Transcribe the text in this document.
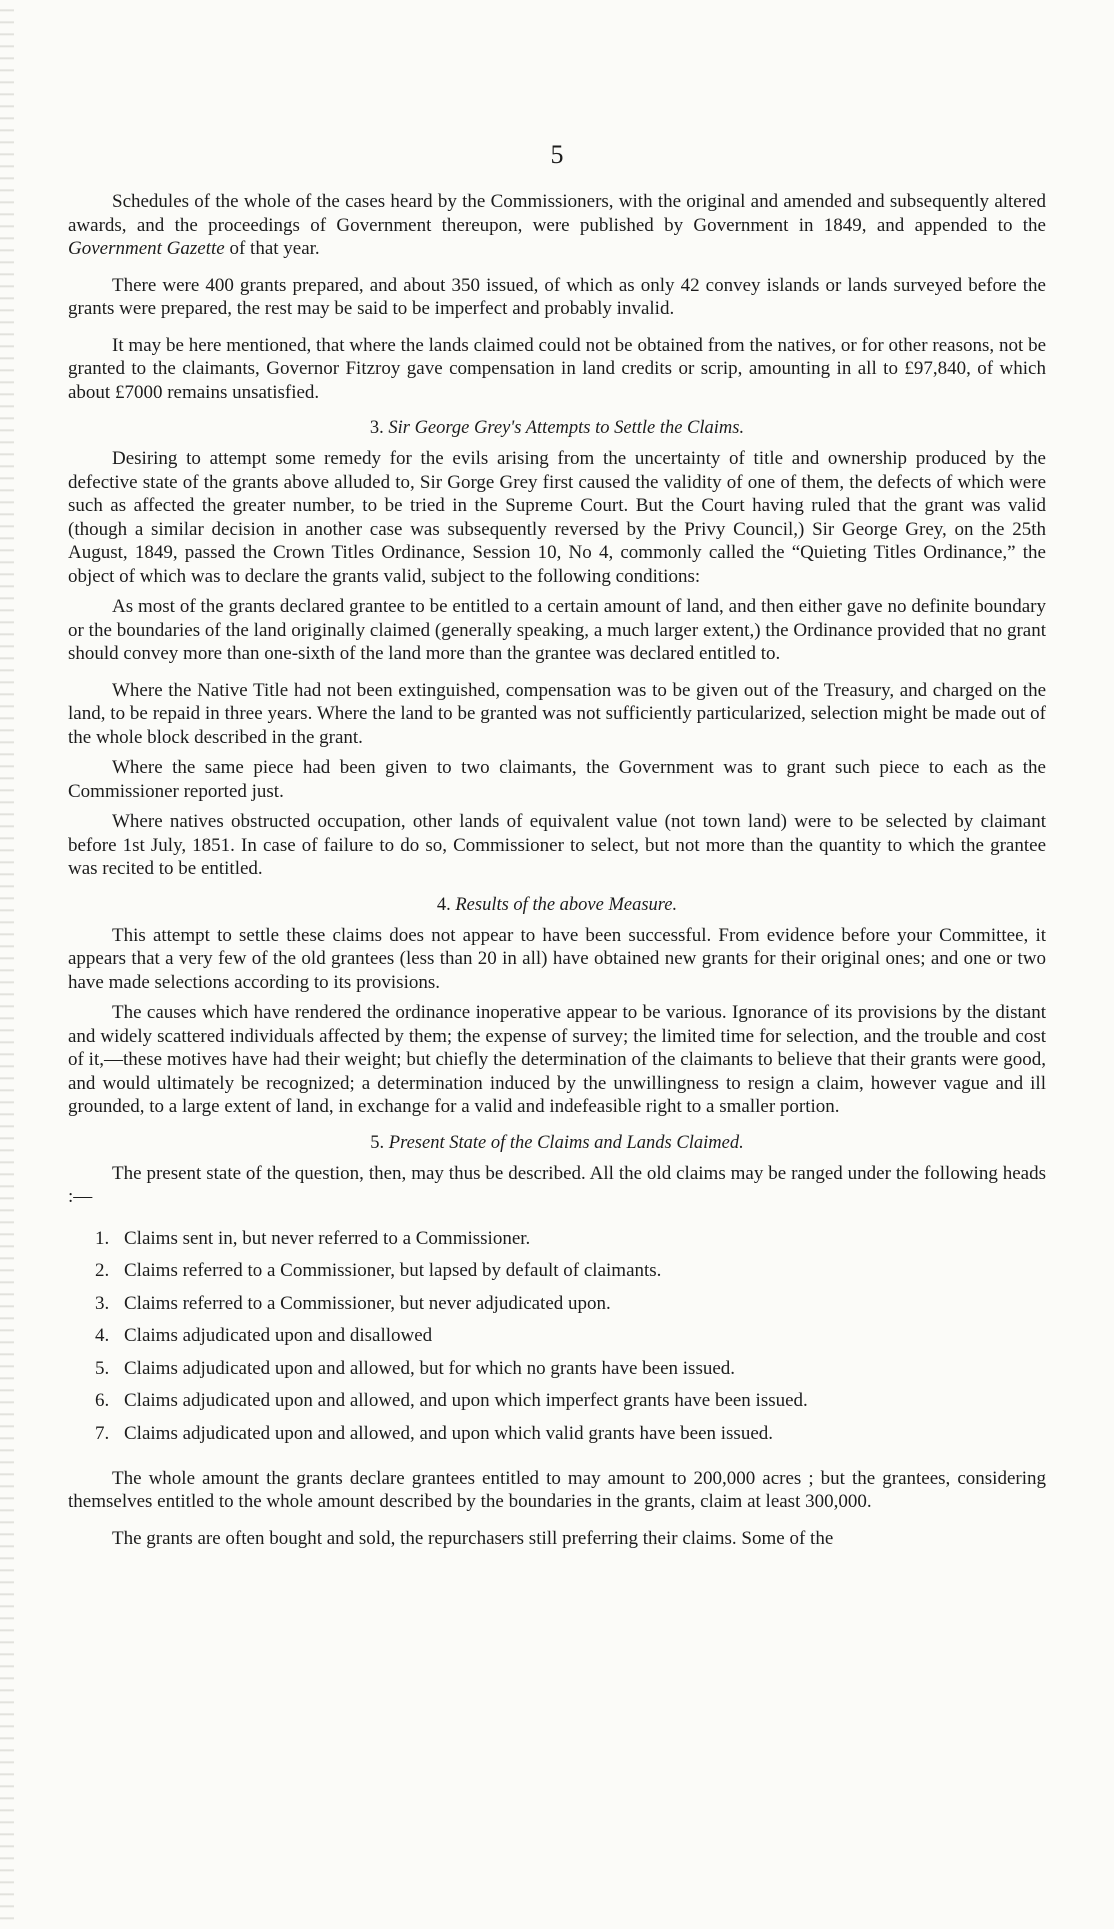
5

Schedules of the whole of the cases heard by the Commissioners, with the original and amended and subsequently altered awards, and the proceedings of Government thereupon, were published by Government in 1849, and appended to the Government Gazette of that year.

There were 400 grants prepared, and about 350 issued, of which as only 42 convey islands or lands surveyed before the grants were prepared, the rest may be said to be imperfect and probably invalid.

It may be here mentioned, that where the lands claimed could not be obtained from the natives, or for other reasons, not be granted to the claimants, Governor Fitzroy gave compensation in land credits or scrip, amounting in all to £97,840, of which about £7000 remains unsatisfied.

3. Sir George Grey's Attempts to Settle the Claims.

Desiring to attempt some remedy for the evils arising from the uncertainty of title and ownership produced by the defective state of the grants above alluded to, Sir Gorge Grey first caused the validity of one of them, the defects of which were such as affected the greater number, to be tried in the Supreme Court. But the Court having ruled that the grant was valid (though a similar decision in another case was subsequently reversed by the Privy Council,) Sir George Grey, on the 25th August, 1849, passed the Crown Titles Ordinance, Session 10, No 4, commonly called the “Quieting Titles Ordinance,” the object of which was to declare the grants valid, subject to the following conditions:

As most of the grants declared grantee to be entitled to a certain amount of land, and then either gave no definite boundary or the boundaries of the land originally claimed (generally speaking, a much larger extent,) the Ordinance provided that no grant should convey more than one-sixth of the land more than the grantee was declared entitled to.

Where the Native Title had not been extinguished, compensation was to be given out of the Treasury, and charged on the land, to be repaid in three years. Where the land to be granted was not sufficiently particularized, selection might be made out of the whole block described in the grant.

Where the same piece had been given to two claimants, the Government was to grant such piece to each as the Commissioner reported just.

Where natives obstructed occupation, other lands of equivalent value (not town land) were to be selected by claimant before 1st July, 1851. In case of failure to do so, Commissioner to select, but not more than the quantity to which the grantee was recited to be entitled.

4. Results of the above Measure.

This attempt to settle these claims does not appear to have been successful. From evidence before your Committee, it appears that a very few of the old grantees (less than 20 in all) have obtained new grants for their original ones; and one or two have made selections according to its provisions.

The causes which have rendered the ordinance inoperative appear to be various. Ignorance of its provisions by the distant and widely scattered individuals affected by them; the expense of survey; the limited time for selection, and the trouble and cost of it,—these motives have had their weight; but chiefly the determination of the claimants to believe that their grants were good, and would ultimately be recognized; a determination induced by the unwillingness to resign a claim, however vague and ill grounded, to a large extent of land, in exchange for a valid and indefeasible right to a smaller portion.

5. Present State of the Claims and Lands Claimed.

The present state of the question, then, may thus be described. All the old claims may be ranged under the following heads :—

1. Claims sent in, but never referred to a Commissioner.
2. Claims referred to a Commissioner, but lapsed by default of claimants.
3. Claims referred to a Commissioner, but never adjudicated upon.
4. Claims adjudicated upon and disallowed
5. Claims adjudicated upon and allowed, but for which no grants have been issued.
6. Claims adjudicated upon and allowed, and upon which imperfect grants have been issued.
7. Claims adjudicated upon and allowed, and upon which valid grants have been issued.

The whole amount the grants declare grantees entitled to may amount to 200,000 acres ; but the grantees, considering themselves entitled to the whole amount described by the boundaries in the grants, claim at least 300,000.

The grants are often bought and sold, the repurchasers still preferring their claims. Some of the
